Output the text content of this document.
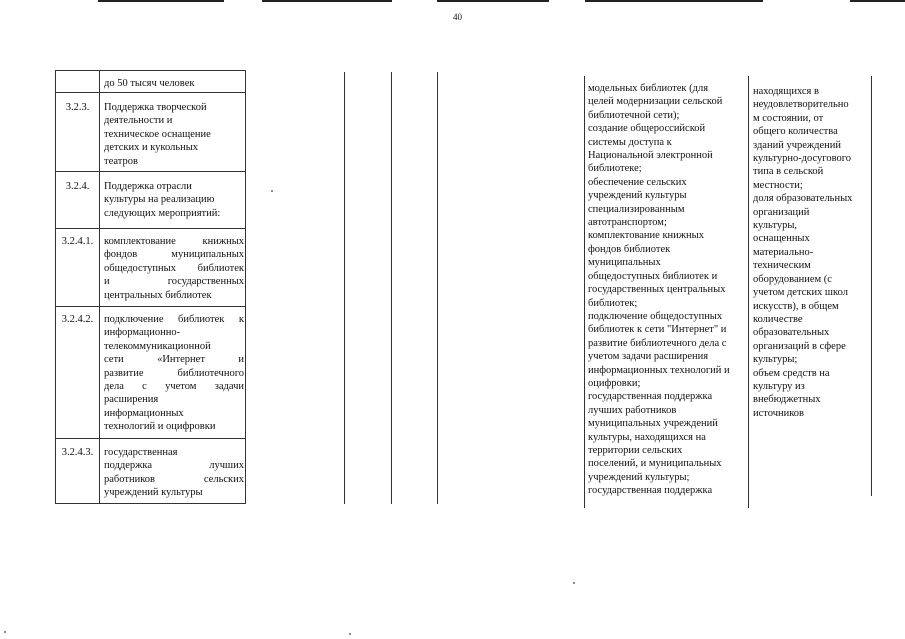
40
до 50 тысяч человек
3.2.3.	Поддержка творческой
деятельности и
техническое оснащение
детских и кукольных
театров
3.2.4.	Поддержка отрасли
культуры на реализацию
следующих мероприятий:
3.2.4.1.	комплектование книжных
фондов муниципальных
общедоступных библиотек
и государственных
центральных библиотек
3.2.4.2.	подключение библиотек к
информационно-
телекоммуникационной
сети «Интернет и
развитие библиотечного
дела с учетом задачи
расширения
информационных
технологий и оцифровки
3.2.4.3.	государственная
поддержка лучших
работников сельских
учреждений культуры
модельных библиотек (для
целей модернизации сельской
библиотечной сети);
создание общероссийской
системы доступа к
Национальной электронной
библиотеке;
обеспечение сельских
учреждений культуры
специализированным
автотранспортом;
комплектование книжных
фондов библиотек
муниципальных
общедоступных библиотек и
государственных центральных
библиотек;
подключение общедоступных
библиотек к сети "Интернет" и
развитие библиотечного дела с
учетом задачи расширения
информационных технологий и
оцифровки;
государственная поддержка
лучших работников
муниципальных учреждений
культуры, находящихся на
территории сельских
поселений, и муниципальных
учреждений культуры;
государственная поддержка
находящихся в
неудовлетворительно
м состоянии, от
общего количества
зданий учреждений
культурно-досугового
типа в сельской
местности;
доля образовательных
организаций
культуры,
оснащенных
материально-
техническим
оборудованием (с
учетом детских школ
искусств), в общем
количестве
образовательных
организаций в сфере
культуры;
объем средств на
культуру из
внебюджетных
источников
